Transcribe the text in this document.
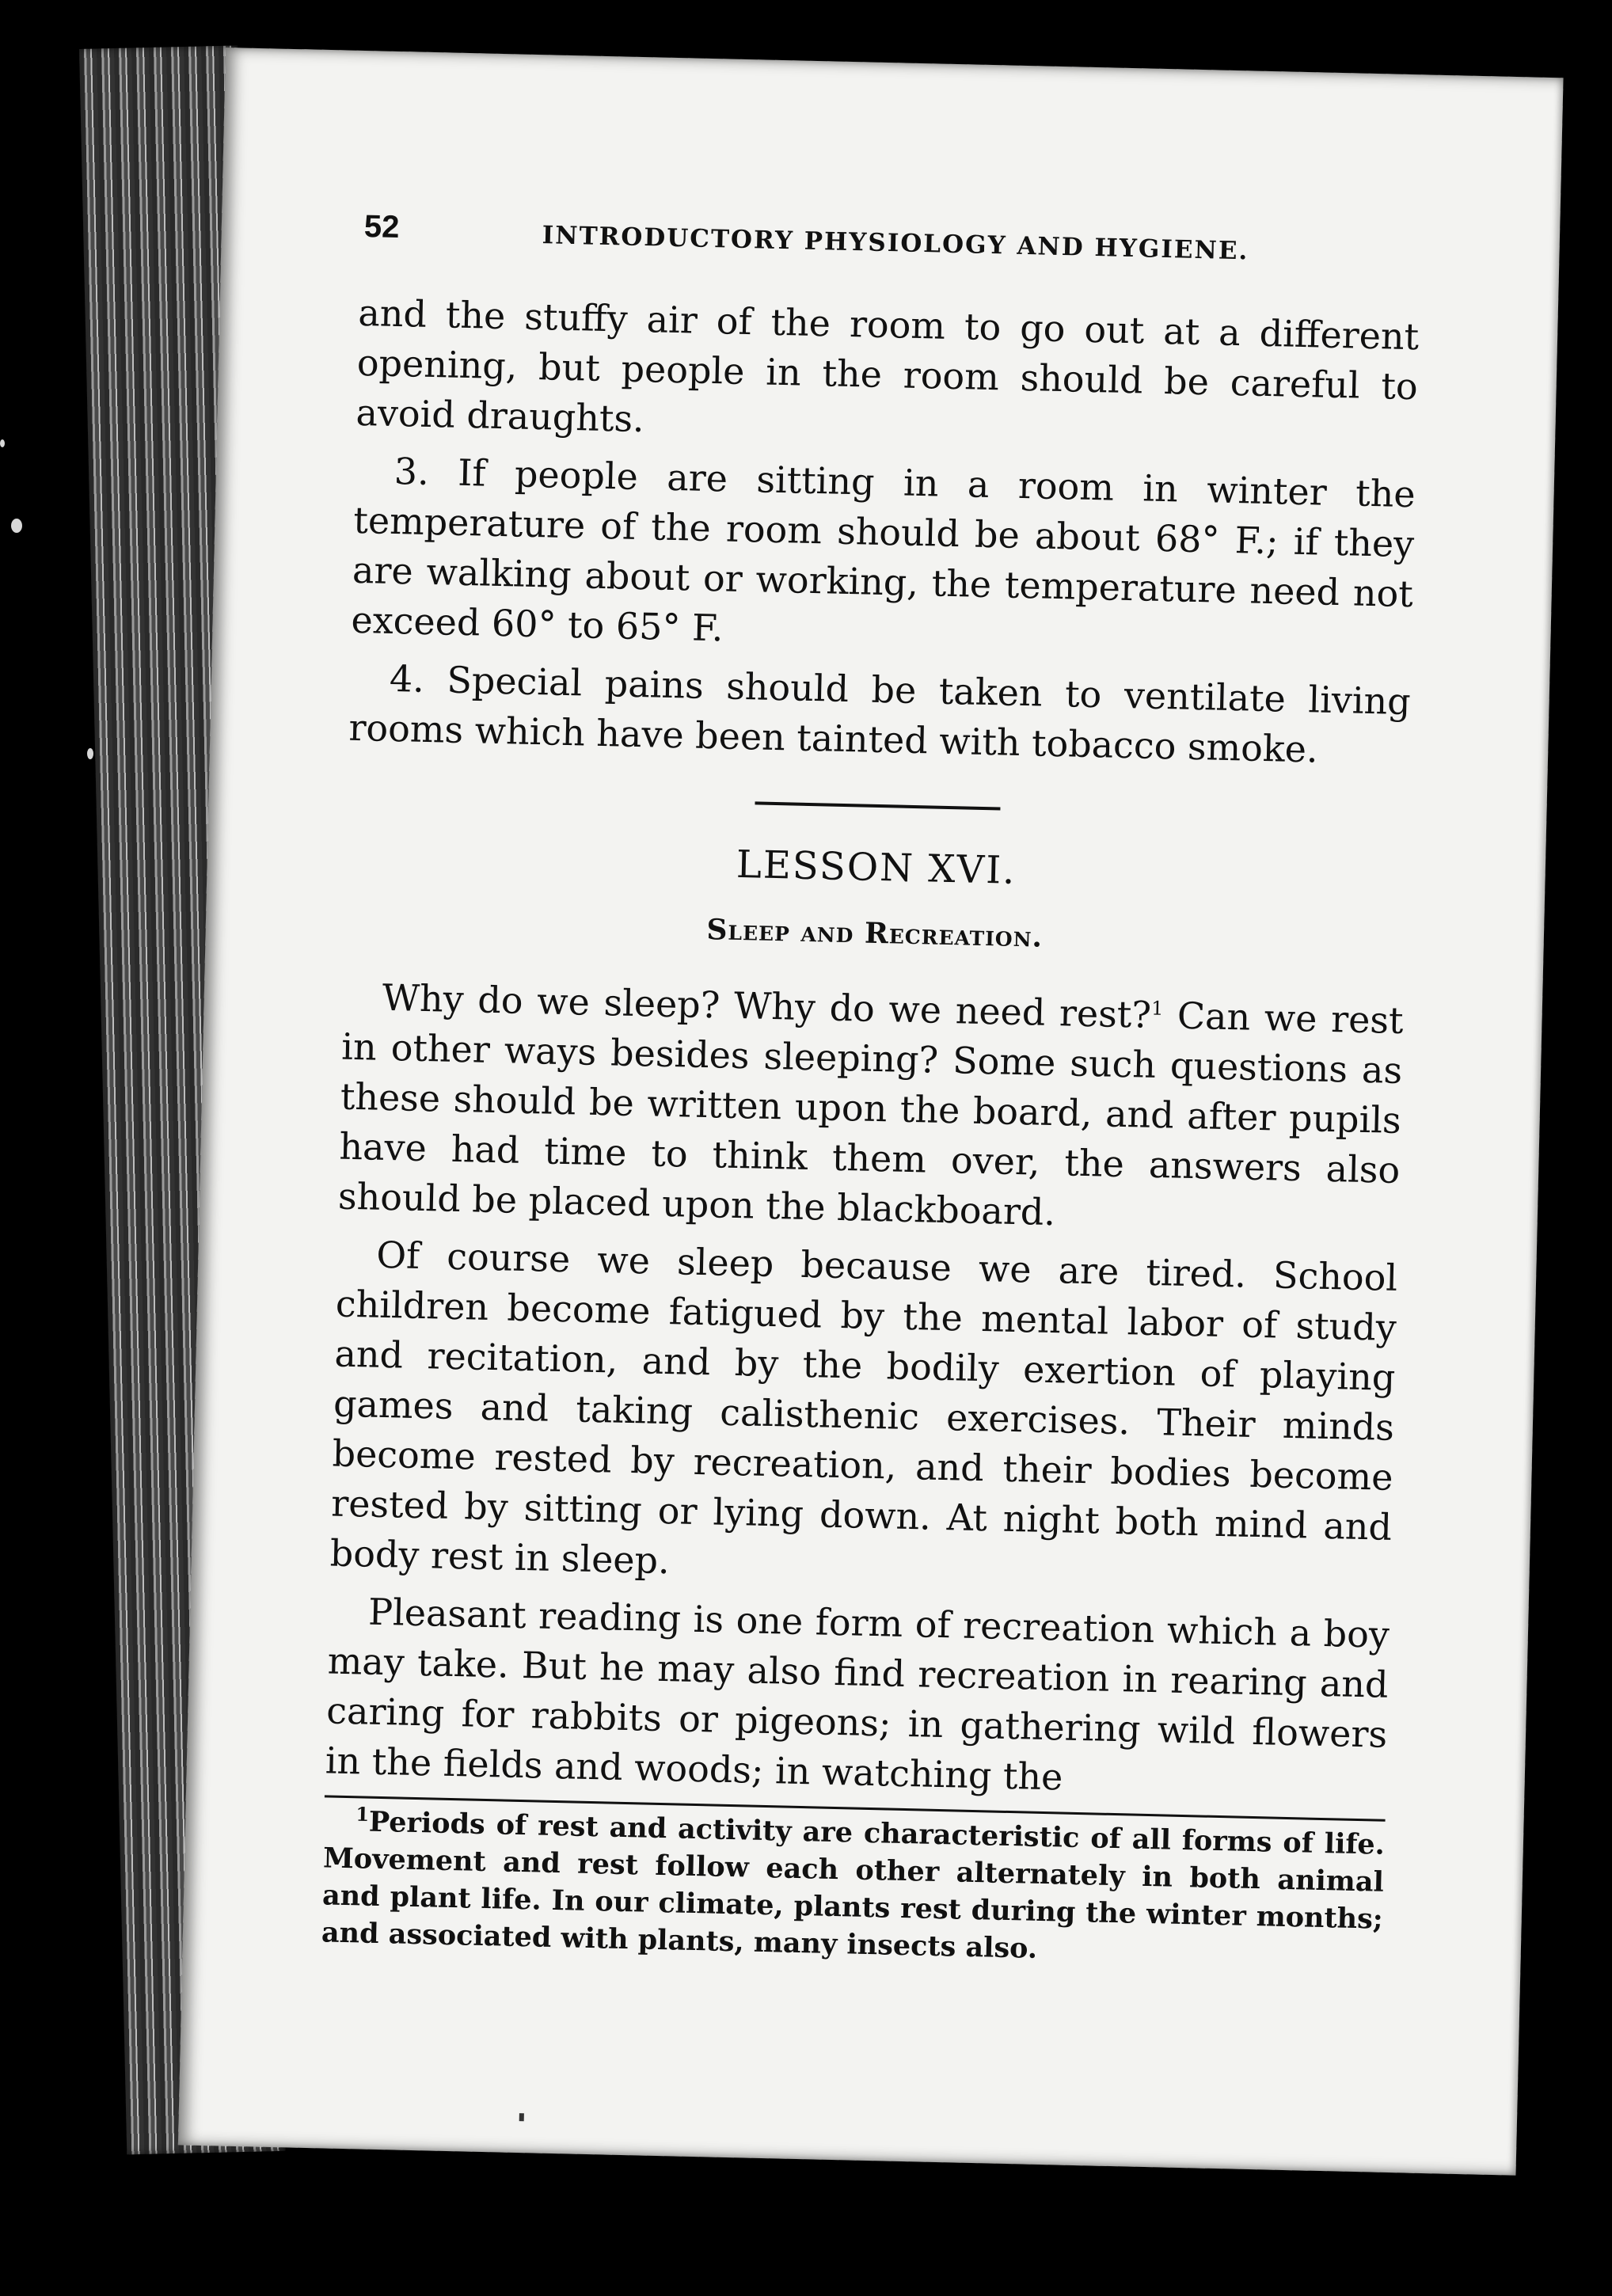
52	INTRODUCTORY PHYSIOLOGY AND HYGIENE.

and the stuffy air of the room to go out at a different opening, but people in the room should be careful to avoid draughts.

3. If people are sitting in a room in winter the temperature of the room should be about 68° F.; if they are walking about or working, the temperature need not exceed 60° to 65° F.

4. Special pains should be taken to ventilate living rooms which have been tainted with tobacco smoke.

LESSON XVI.
Sleep and Recreation.

Why do we sleep? Why do we need rest?$^1$ Can we rest in other ways besides sleeping? Some such questions as these should be written upon the board, and after pupils have had time to think them over, the answers also should be placed upon the blackboard.

Of course we sleep because we are tired. School children become fatigued by the mental labor of study and recitation, and by the bodily exertion of playing games and taking calisthenic exercises. Their minds become rested by recreation, and their bodies become rested by sitting or lying down. At night both mind and body rest in sleep.

Pleasant reading is one form of recreation which a boy may take. But he may also find recreation in rearing and caring for rabbits or pigeons; in gathering wild flowers in the fields and woods; in watching the

$^1$Periods of rest and activity are characteristic of all forms of life. Movement and rest follow each other alternately in both animal and plant life. In our climate, plants rest during the winter months; and associated with plants, many insects also.
